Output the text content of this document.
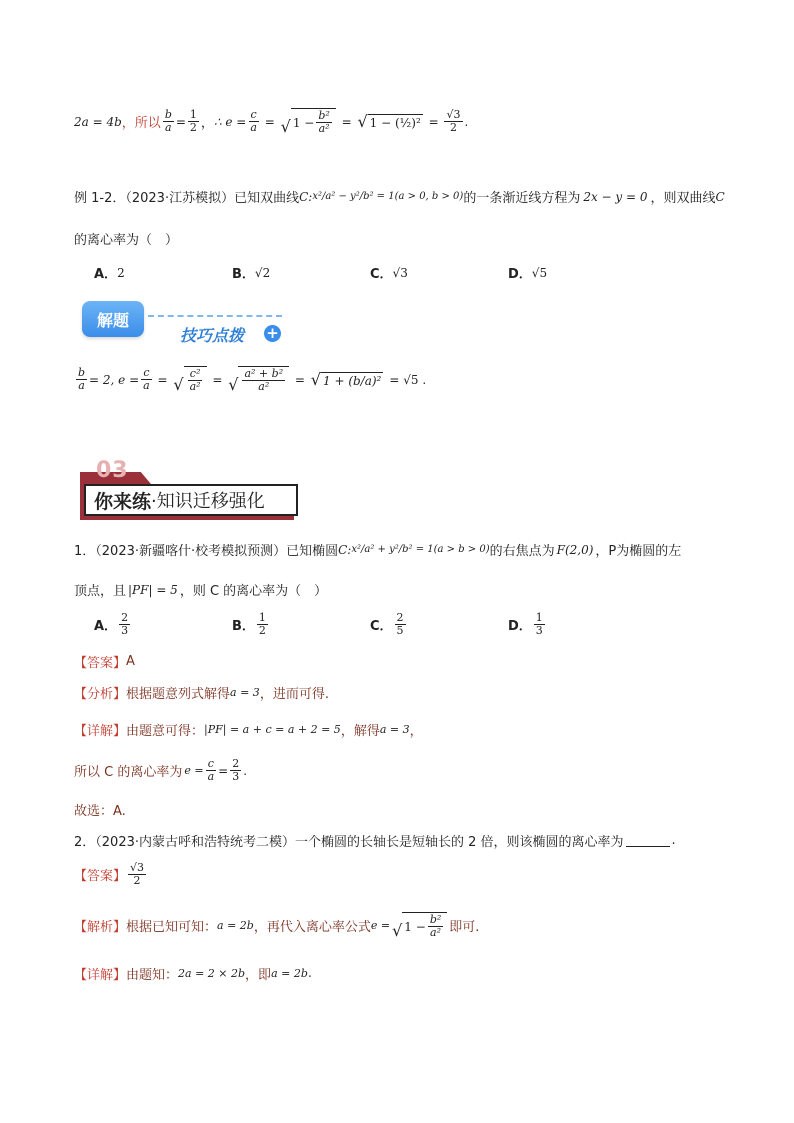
2a = 4b ，所以 $\frac{b}{a} = \frac{1}{2}$ ， ∴ $e = \frac{c}{a}$ = √ $1 - \frac{\text{b²}}{\text{a²}}$ = √ 1 − (½)² = $\frac{√3}{2}$ .
例 1-2．（2023·江苏模拟）已知双曲线 C: x²/a² − y²/b² = 1(a > 0, b > 0) 的一条渐近线方程为 2x − y = 0 ，则双曲线 C
的离心率为（　）
A． 2	B． √2	C． √3	D． √5
解题
技巧点拨 +
$\frac{b}{a} = 2$, $e = \frac{c}{a}$ = √ $\frac{\text{c²}}{\text{a²}}$ = √ $\frac{\text{a² + b²}}{\text{a²}}$ = √ 1 + (b/a)² = √5 .
03
你来练 ·知识迁移强化
1．（2023·新疆喀什·校考模拟预测）已知椭圆 C: x²/a² + y²/b² = 1(a > b > 0) 的右焦点为 F(2,0) ，P为椭圆的左
顶点，且 |PF| = 5 ，则 C 的离心率为（　）
A． $\frac{2}{3}$	B． $\frac{1}{2}$	C． $\frac{2}{5}$	D． $\frac{1}{3}$
【答案】 A
【分析】 根据题意列式解得 a = 3 ，进而可得.
【详解】 由题意可得： |PF| = a + c = a + 2 = 5 ，解得 a = 3 ，
所以 C 的离心率为 $e = \frac{c}{a} = \frac{2}{3}$ .
故选：A.
2．（2023·内蒙古呼和浩特统考二模）一个椭圆的长轴长是短轴长的 2 倍，则该椭圆的离心率为	.
【答案】 $\frac{√3}{2}$
【解析】 根据已知可知： a = 2b ，再代入离心率公式 e = √ $1 - \frac{\text{b²}}{\text{a²}}$ 即可.
【详解】 由题知： 2a = 2 × 2b ，即 a = 2b .
